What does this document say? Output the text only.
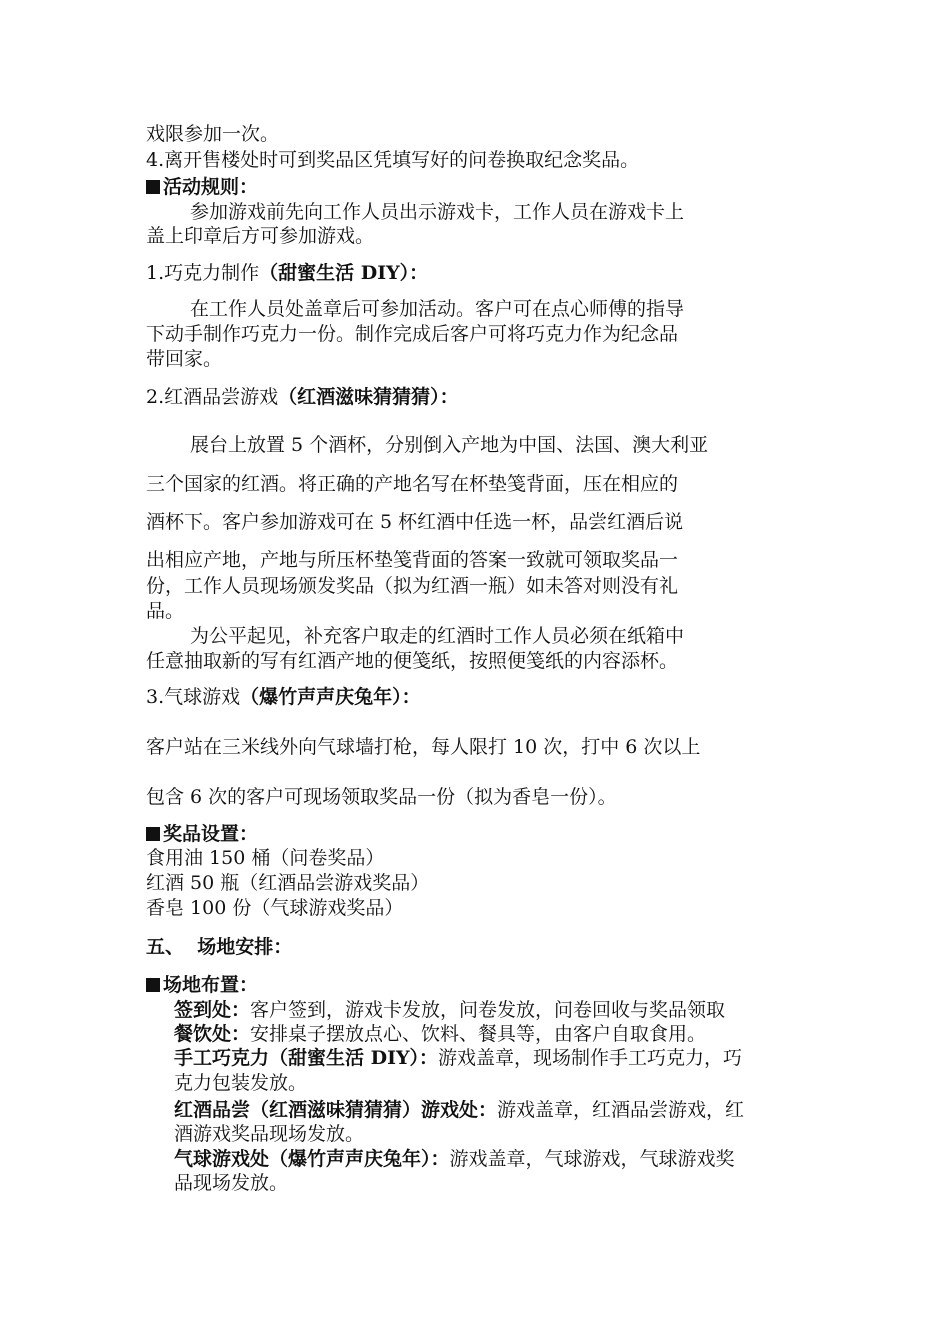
戏限参加一次。
4.离开售楼处时可到奖品区凭填写好的问卷换取纪念奖品。
活动规则：
参加游戏前先向工作人员出示游戏卡，工作人员在游戏卡上
盖上印章后方可参加游戏。
1.巧克力制作（甜蜜生活 DIY）：
在工作人员处盖章后可参加活动。客户可在点心师傅的指导
下动手制作巧克力一份。制作完成后客户可将巧克力作为纪念品
带回家。
2.红酒品尝游戏（红酒滋味猜猜猜）：
展台上放置 5 个酒杯，分别倒入产地为中国、法国、澳大利亚
三个国家的红酒。将正确的产地名写在杯垫笺背面，压在相应的
酒杯下。客户参加游戏可在 5 杯红酒中任选一杯，品尝红酒后说
出相应产地，产地与所压杯垫笺背面的答案一致就可领取奖品一
份，工作人员现场颁发奖品（拟为红酒一瓶）如未答对则没有礼
品。
为公平起见，补充客户取走的红酒时工作人员必须在纸箱中
任意抽取新的写有红酒产地的便笺纸，按照便笺纸的内容添杯。
3.气球游戏（爆竹声声庆兔年）：
客户站在三米线外向气球墙打枪，每人限打 10 次，打中 6 次以上
包含 6 次的客户可现场领取奖品一份（拟为香皂一份）。
奖品设置：
食用油 150 桶（问卷奖品）
红酒 50 瓶（红酒品尝游戏奖品）
香皂 100 份（气球游戏奖品）
五、  场地安排：
场地布置：
签到处：客户签到，游戏卡发放，问卷发放，问卷回收与奖品领取
餐饮处：安排桌子摆放点心、饮料、餐具等，由客户自取食用。
手工巧克力（甜蜜生活 DIY）：游戏盖章，现场制作手工巧克力，巧
克力包装发放。
红酒品尝（红酒滋味猜猜猜）游戏处：游戏盖章，红酒品尝游戏，红
酒游戏奖品现场发放。
气球游戏处（爆竹声声庆兔年）：游戏盖章，气球游戏，气球游戏奖
品现场发放。
